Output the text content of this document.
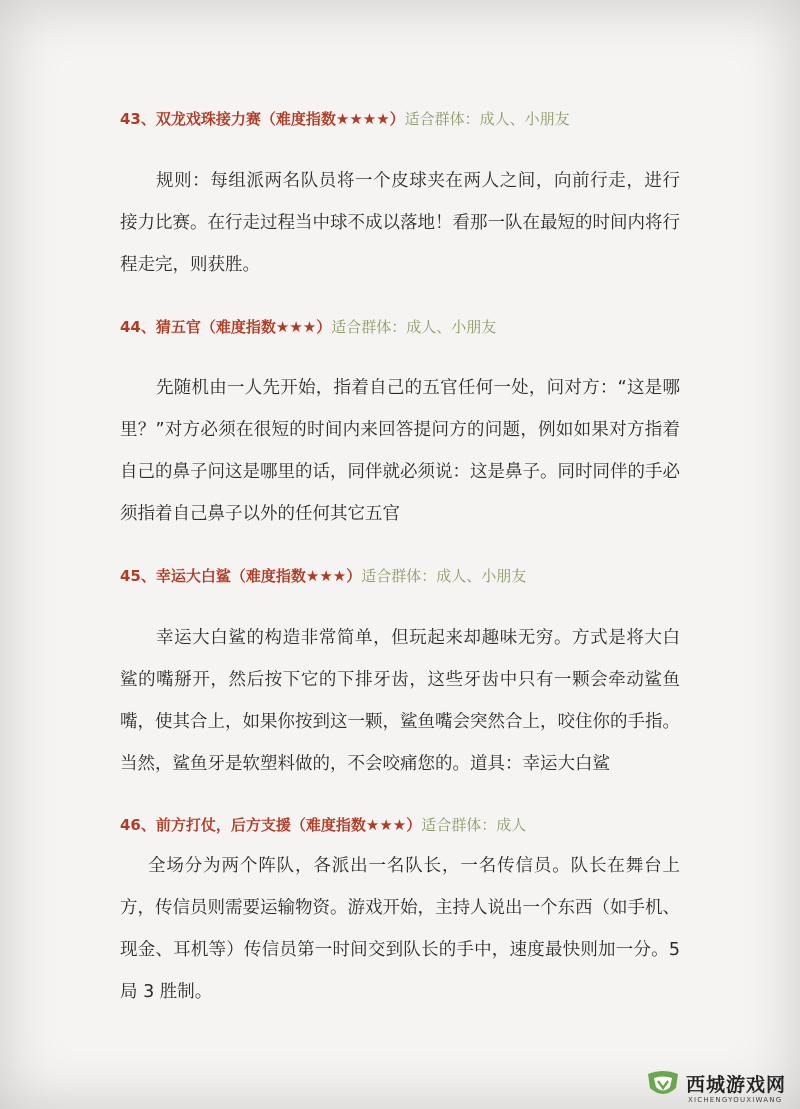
43、双龙戏珠接力赛（难度指数★★★★）适合群体：成人、小朋友
规则：每组派两名队员将一个皮球夹在两人之间，向前行走，进行接力比赛。在行走过程当中球不成以落地！看那一队在最短的时间内将行程走完，则获胜。
44、猜五官（难度指数★★★）适合群体：成人、小朋友
先随机由一人先开始，指着自己的五官任何一处，问对方：“这是哪里？”对方必须在很短的时间内来回答提问方的问题，例如如果对方指着自己的鼻子问这是哪里的话，同伴就必须说：这是鼻子。同时同伴的手必须指着自己鼻子以外的任何其它五官
45、幸运大白鲨（难度指数★★★）适合群体：成人、小朋友
幸运大白鲨的构造非常简单，但玩起来却趣味无穷。方式是将大白鲨的嘴掰开，然后按下它的下排牙齿，这些牙齿中只有一颗会牵动鲨鱼嘴，使其合上，如果你按到这一颗，鲨鱼嘴会突然合上，咬住你的手指。当然，鲨鱼牙是软塑料做的，不会咬痛您的。道具：幸运大白鲨
46、前方打仗，后方支援（难度指数★★★）适合群体：成人
全场分为两个阵队，各派出一名队长，一名传信员。队长在舞台上方，传信员则需要运输物资。游戏开始，主持人说出一个东西（如手机、现金、耳机等）传信员第一时间交到队长的手中，速度最快则加一分。5 局 3 胜制。
西城游戏网
XICHENGYOUXIWANG
